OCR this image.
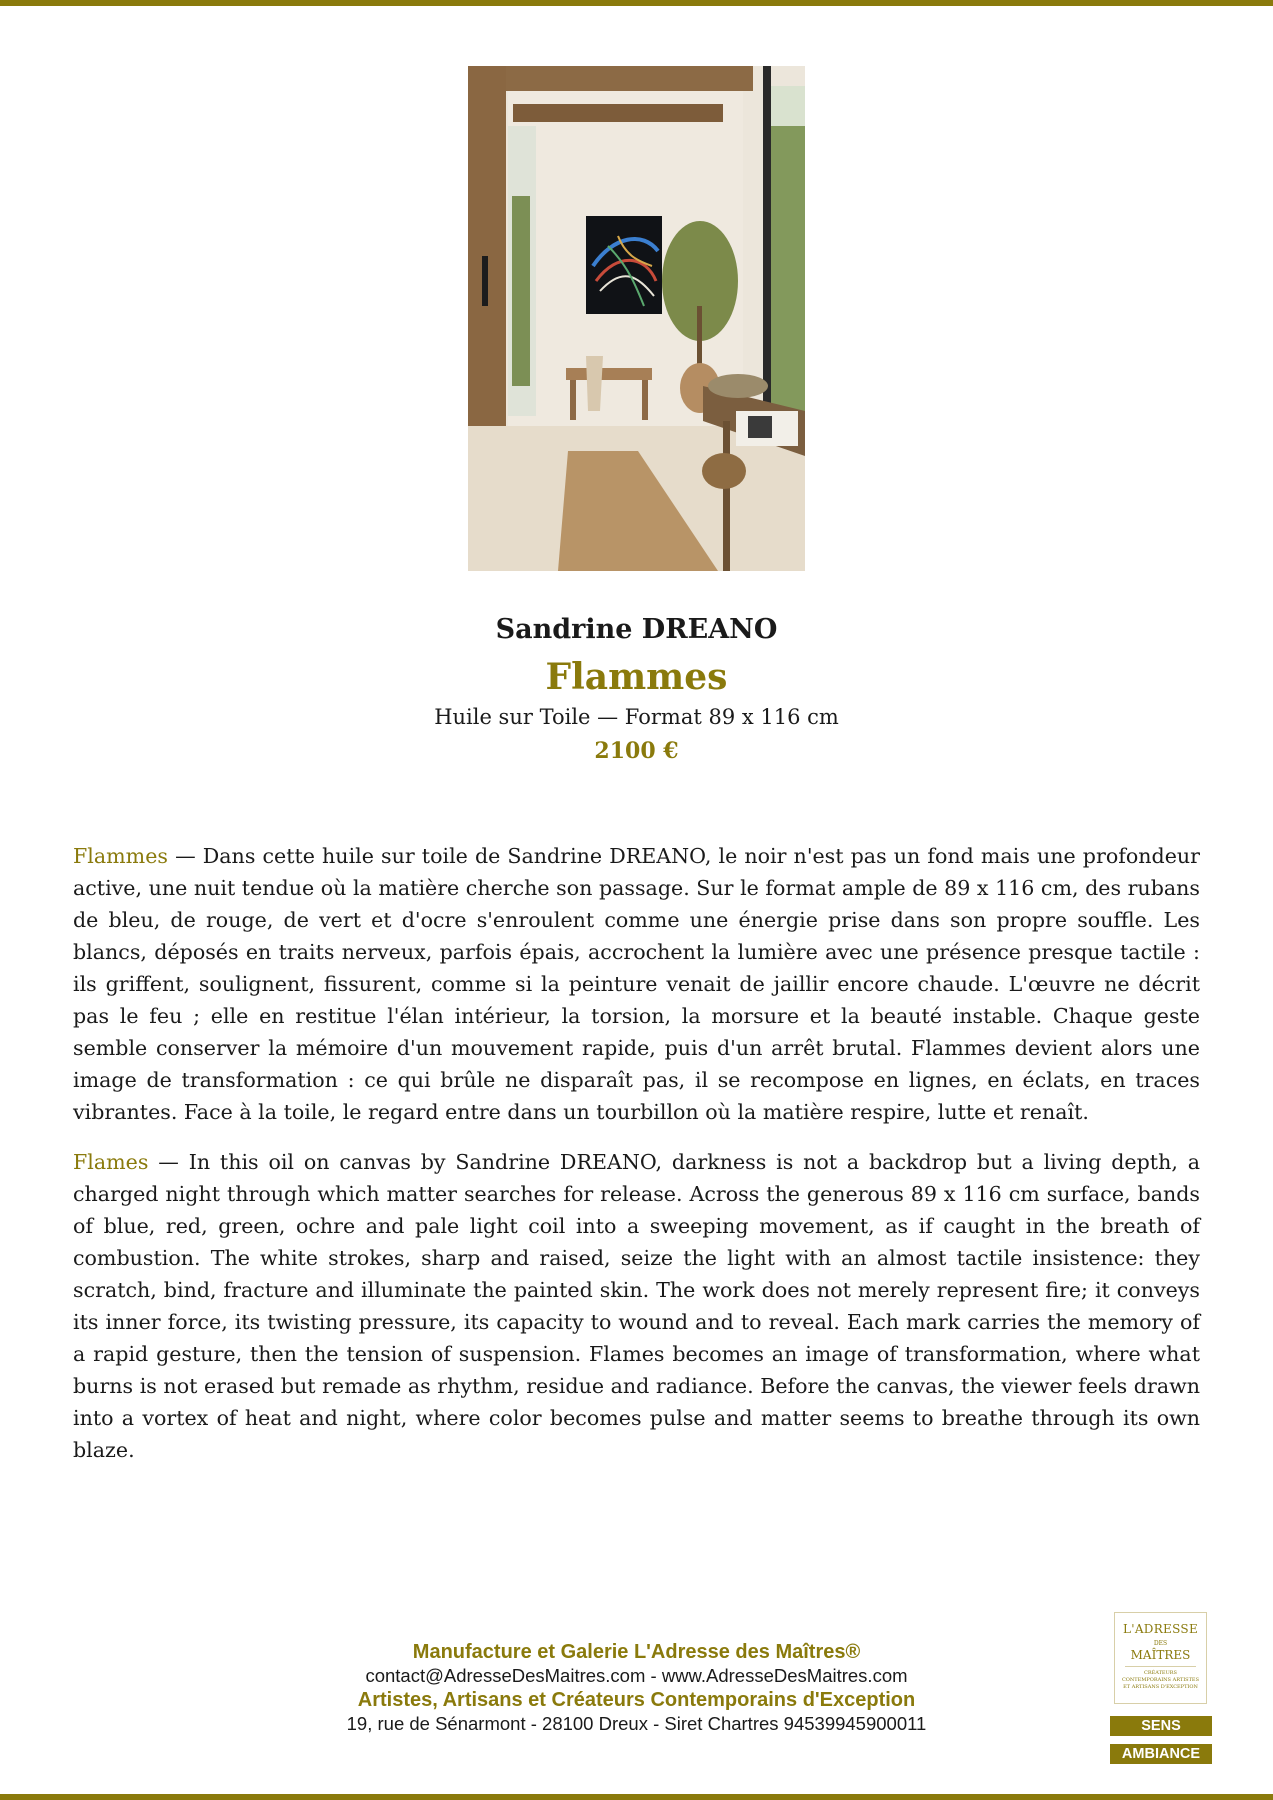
Sandrine DREANO
Flammes
Huile sur Toile — Format 89 x 116 cm
2100 €

Flammes — Dans cette huile sur toile de Sandrine DREANO, le noir n'est pas un fond mais une profondeur active, une nuit tendue où la matière cherche son passage. Sur le format ample de 89 x 116 cm, des rubans de bleu, de rouge, de vert et d'ocre s'enroulent comme une énergie prise dans son propre souffle. Les blancs, déposés en traits nerveux, parfois épais, accrochent la lumière avec une présence presque tactile : ils griffent, soulignent, fissurent, comme si la peinture venait de jaillir encore chaude. L'œuvre ne décrit pas le feu ; elle en restitue l'élan intérieur, la torsion, la morsure et la beauté instable. Chaque geste semble conserver la mémoire d'un mouvement rapide, puis d'un arrêt brutal. Flammes devient alors une image de transformation : ce qui brûle ne disparaît pas, il se recompose en lignes, en éclats, en traces vibrantes. Face à la toile, le regard entre dans un tourbillon où la matière respire, lutte et renaît.

Flames — In this oil on canvas by Sandrine DREANO, darkness is not a backdrop but a living depth, a charged night through which matter searches for release. Across the generous 89 x 116 cm surface, bands of blue, red, green, ochre and pale light coil into a sweeping movement, as if caught in the breath of combustion. The white strokes, sharp and raised, seize the light with an almost tactile insistence: they scratch, bind, fracture and illuminate the painted skin. The work does not merely represent fire; it conveys its inner force, its twisting pressure, its capacity to wound and to reveal. Each mark carries the memory of a rapid gesture, then the tension of suspension. Flames becomes an image of transformation, where what burns is not erased but remade as rhythm, residue and radiance. Before the canvas, the viewer feels drawn into a vortex of heat and night, where color becomes pulse and matter seems to breathe through its own blaze.

Manufacture et Galerie L'Adresse des Maîtres®
contact@AdresseDesMaitres.com - www.AdresseDesMaitres.com
Artistes, Artisans et Créateurs Contemporains d'Exception
19, rue de Sénarmont - 28100 Dreux - Siret Chartres 94539945900011
L'ADRESSE
DES
MAÎTRES
CRÉATEURS CONTEMPORAINS ARTISTES ET ARTISANS D'EXCEPTION
SENS
AMBIANCE
